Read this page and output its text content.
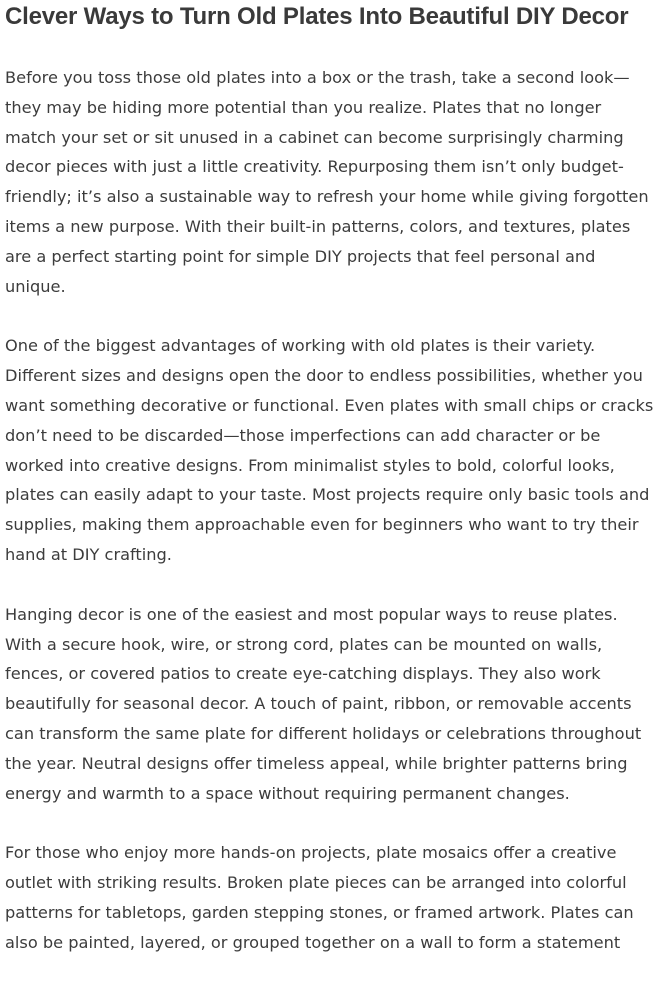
Clever Ways to Turn Old Plates Into Beautiful DIY Decor

Before you toss those old plates into a box or the trash, take a second look—they may be hiding more potential than you realize. Plates that no longer match your set or sit unused in a cabinet can become surprisingly charming decor pieces with just a little creativity. Repurposing them isn’t only budget-friendly; it’s also a sustainable way to refresh your home while giving forgotten items a new purpose. With their built-in patterns, colors, and textures, plates are a perfect starting point for simple DIY projects that feel personal and unique.

One of the biggest advantages of working with old plates is their variety. Different sizes and designs open the door to endless possibilities, whether you want something decorative or functional. Even plates with small chips or cracks don’t need to be discarded—those imperfections can add character or be worked into creative designs. From minimalist styles to bold, colorful looks, plates can easily adapt to your taste. Most projects require only basic tools and supplies, making them approachable even for beginners who want to try their hand at DIY crafting.

Hanging decor is one of the easiest and most popular ways to reuse plates. With a secure hook, wire, or strong cord, plates can be mounted on walls, fences, or covered patios to create eye-catching displays. They also work beautifully for seasonal decor. A touch of paint, ribbon, or removable accents can transform the same plate for different holidays or celebrations throughout the year. Neutral designs offer timeless appeal, while brighter patterns bring energy and warmth to a space without requiring permanent changes.

For those who enjoy more hands-on projects, plate mosaics offer a creative outlet with striking results. Broken plate pieces can be arranged into colorful patterns for tabletops, garden stepping stones, or framed artwork. Plates can also be painted, layered, or grouped together on a wall to form a statement
